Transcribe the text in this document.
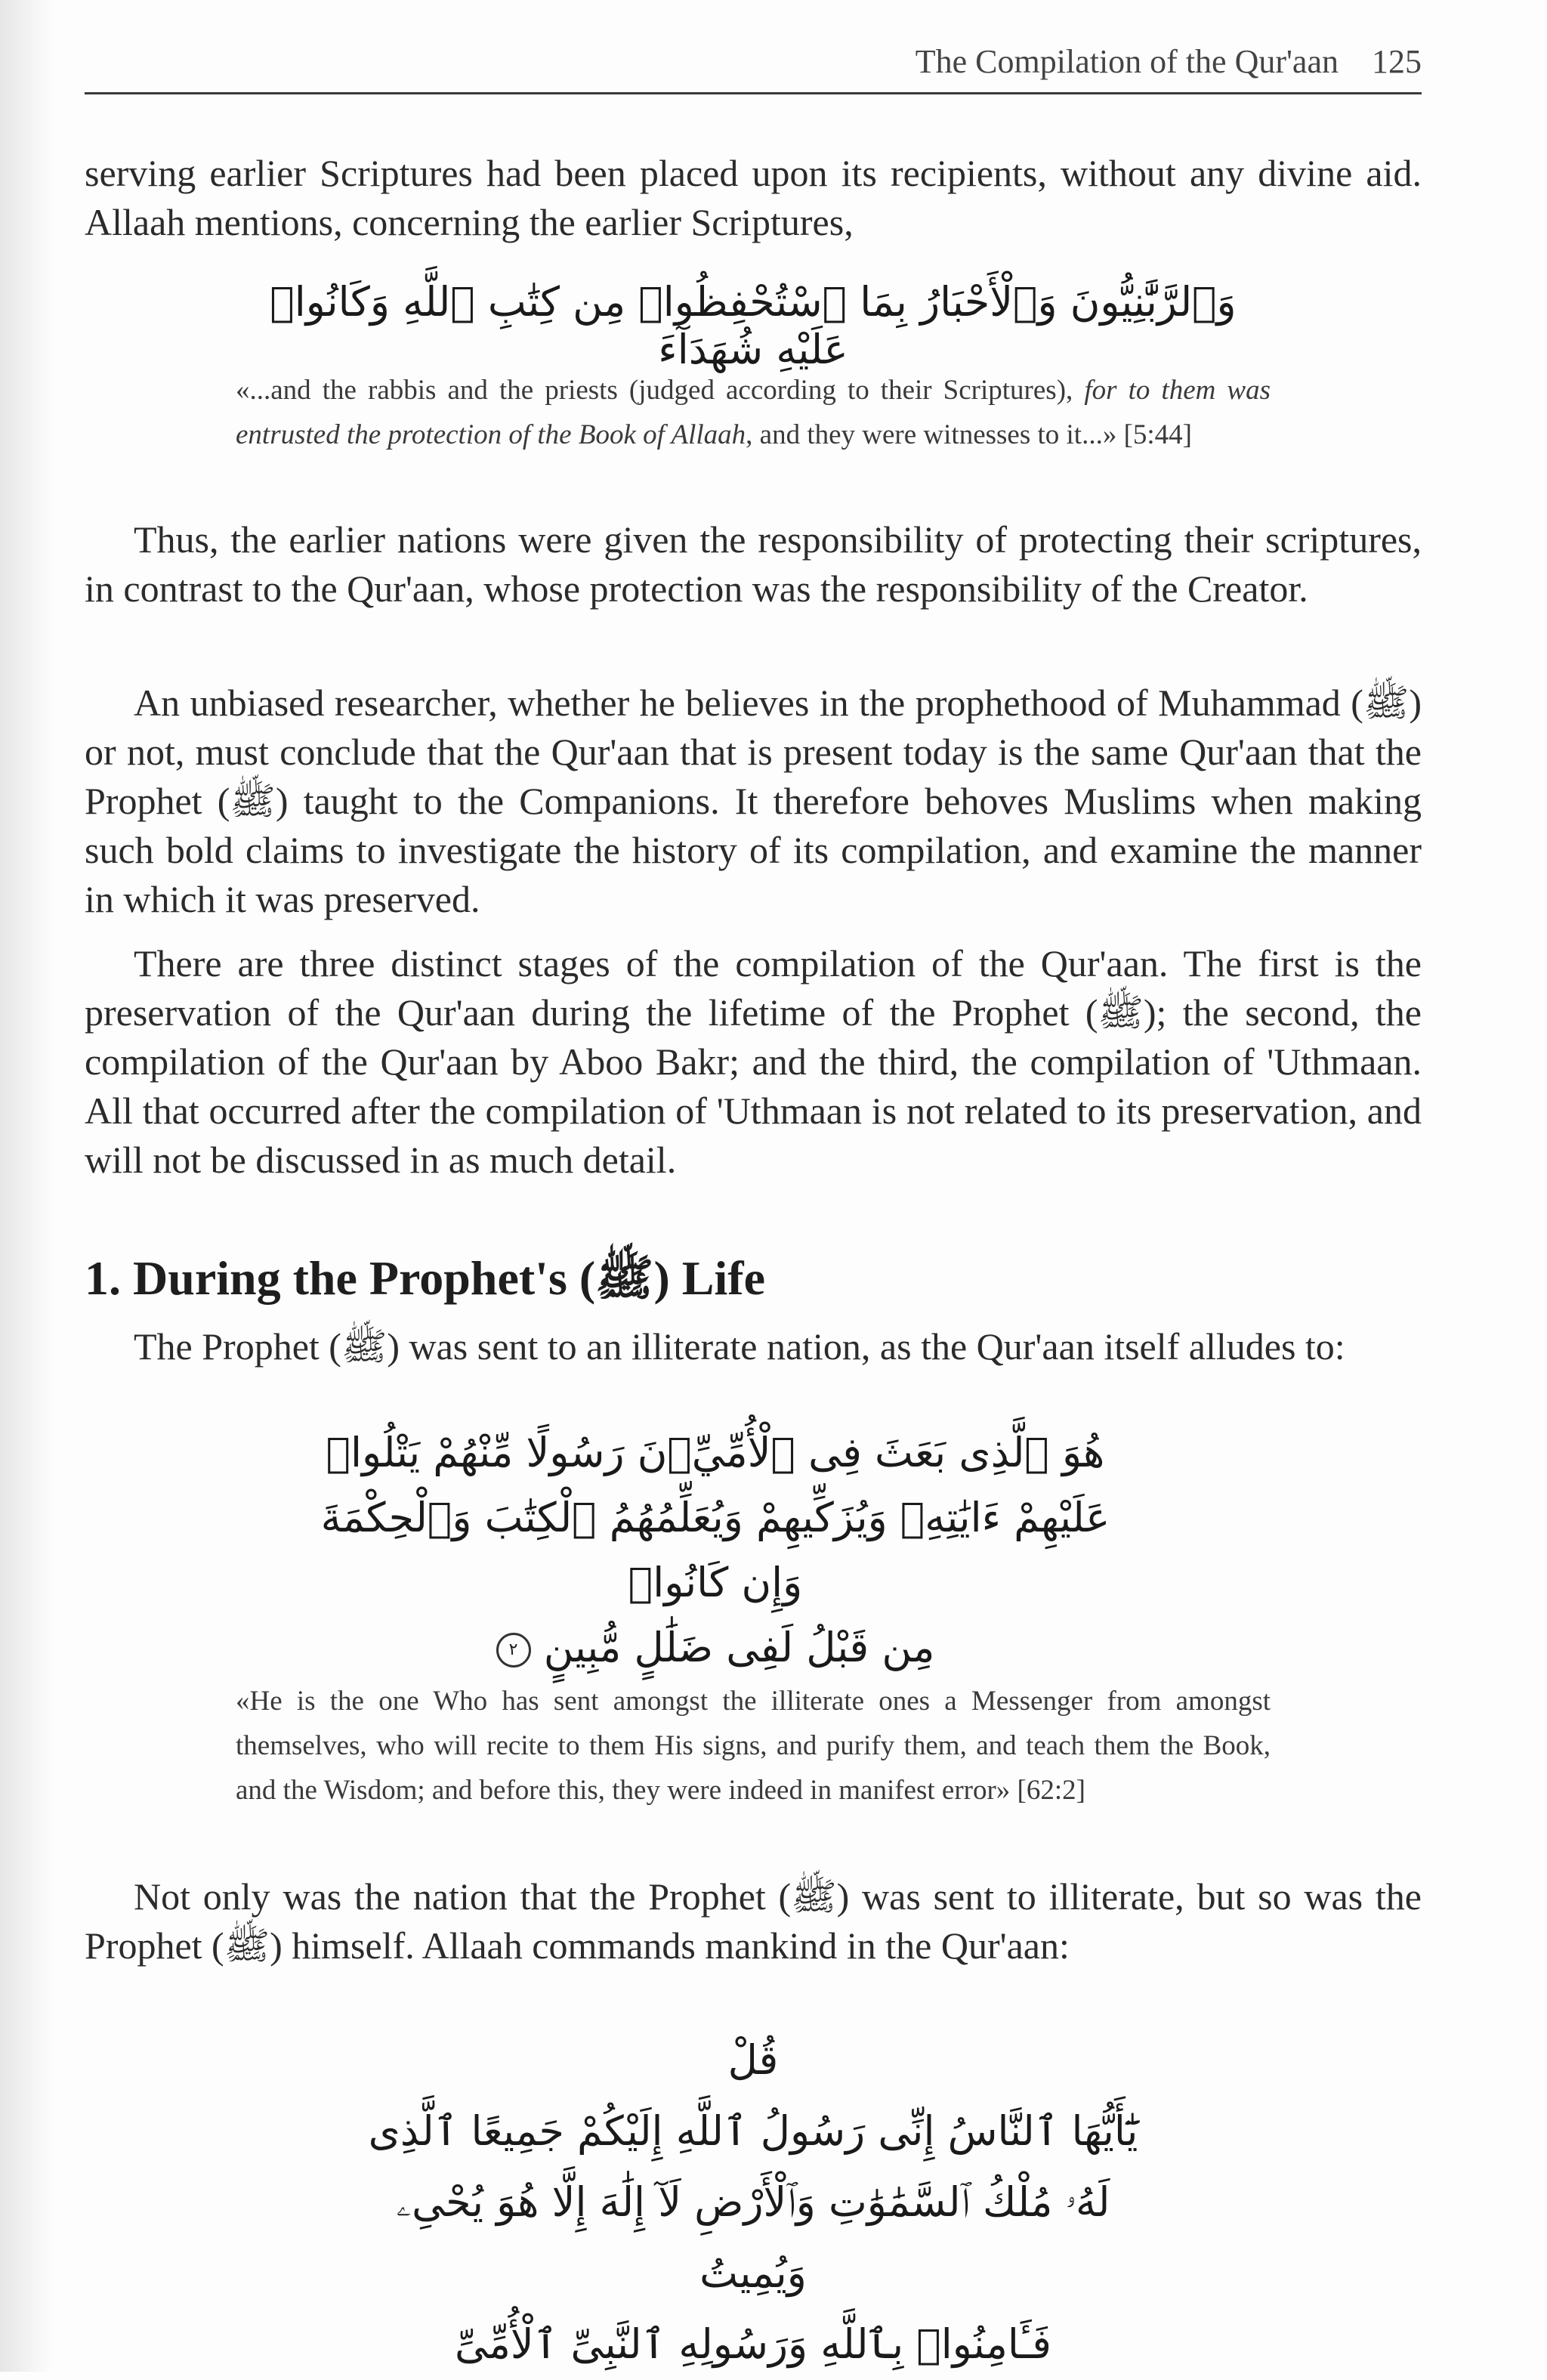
The Compilation of the Qur'aan 125

serving earlier Scriptures had been placed upon its recipients, without any divine aid. Allaah mentions, concerning the earlier Scriptures,

وَٱلرَّبَّٰنِيُّونَ وَٱلْأَحْبَارُ بِمَا ٱسْتُحْفِظُوا۟ مِن كِتَٰبِ ٱللَّهِ وَكَانُوا۟ عَلَيْهِ شُهَدَآءَ

«...and the rabbis and the priests (judged according to their Scriptures), for to them was entrusted the protection of the Book of Allaah, and they were witnesses to it...» [5:44]

Thus, the earlier nations were given the responsibility of protecting their scriptures, in contrast to the Qur'aan, whose protection was the responsibility of the Creator.

An unbiased researcher, whether he believes in the prophethood of Muhammad (ﷺ) or not, must conclude that the Qur'aan that is present today is the same Qur'aan that the Prophet (ﷺ) taught to the Companions. It therefore behoves Muslims when making such bold claims to investigate the history of its compilation, and examine the manner in which it was preserved.

There are three distinct stages of the compilation of the Qur'aan. The first is the preservation of the Qur'aan during the lifetime of the Prophet (ﷺ); the second, the compilation of the Qur'aan by Aboo Bakr; and the third, the compilation of 'Uthmaan. All that occurred after the compilation of 'Uthmaan is not related to its preservation, and will not be discussed in as much detail.

1. During the Prophet's (ﷺ) Life

The Prophet (ﷺ) was sent to an illiterate nation, as the Qur'aan itself alludes to:

هُوَ ٱلَّذِى بَعَثَ فِى ٱلْأُمِّيِّۦنَ رَسُولًا مِّنْهُمْ يَتْلُوا۟
عَلَيْهِمْ ءَايَٰتِهِۦ وَيُزَكِّيهِمْ وَيُعَلِّمُهُمُ ٱلْكِتَٰبَ وَٱلْحِكْمَةَ وَإِن كَانُوا۟
مِن قَبْلُ لَفِى ضَلَٰلٍ مُّبِينٍ ٢

«He is the one Who has sent amongst the illiterate ones a Messenger from amongst themselves, who will recite to them His signs, and purify them, and teach them the Book, and the Wisdom; and before this, they were indeed in manifest error» [62:2]

Not only was the nation that the Prophet (ﷺ) was sent to illiterate, but so was the Prophet (ﷺ) himself. Allaah commands mankind in the Qur'aan:

قُلْ
يَٰٓأَيُّهَا ٱلنَّاسُ إِنِّى رَسُولُ ٱللَّهِ إِلَيْكُمْ جَمِيعًا ٱلَّذِى
لَهُۥ مُلْكُ ٱلسَّمَٰوَٰتِ وَٱلْأَرْضِ لَآ إِلَٰهَ إِلَّا هُوَ يُحْىِۦ وَيُمِيتُ
فَـَٔامِنُوا۟ بِٱللَّهِ وَرَسُولِهِ ٱلنَّبِىِّ ٱلْأُمِّىِّ
